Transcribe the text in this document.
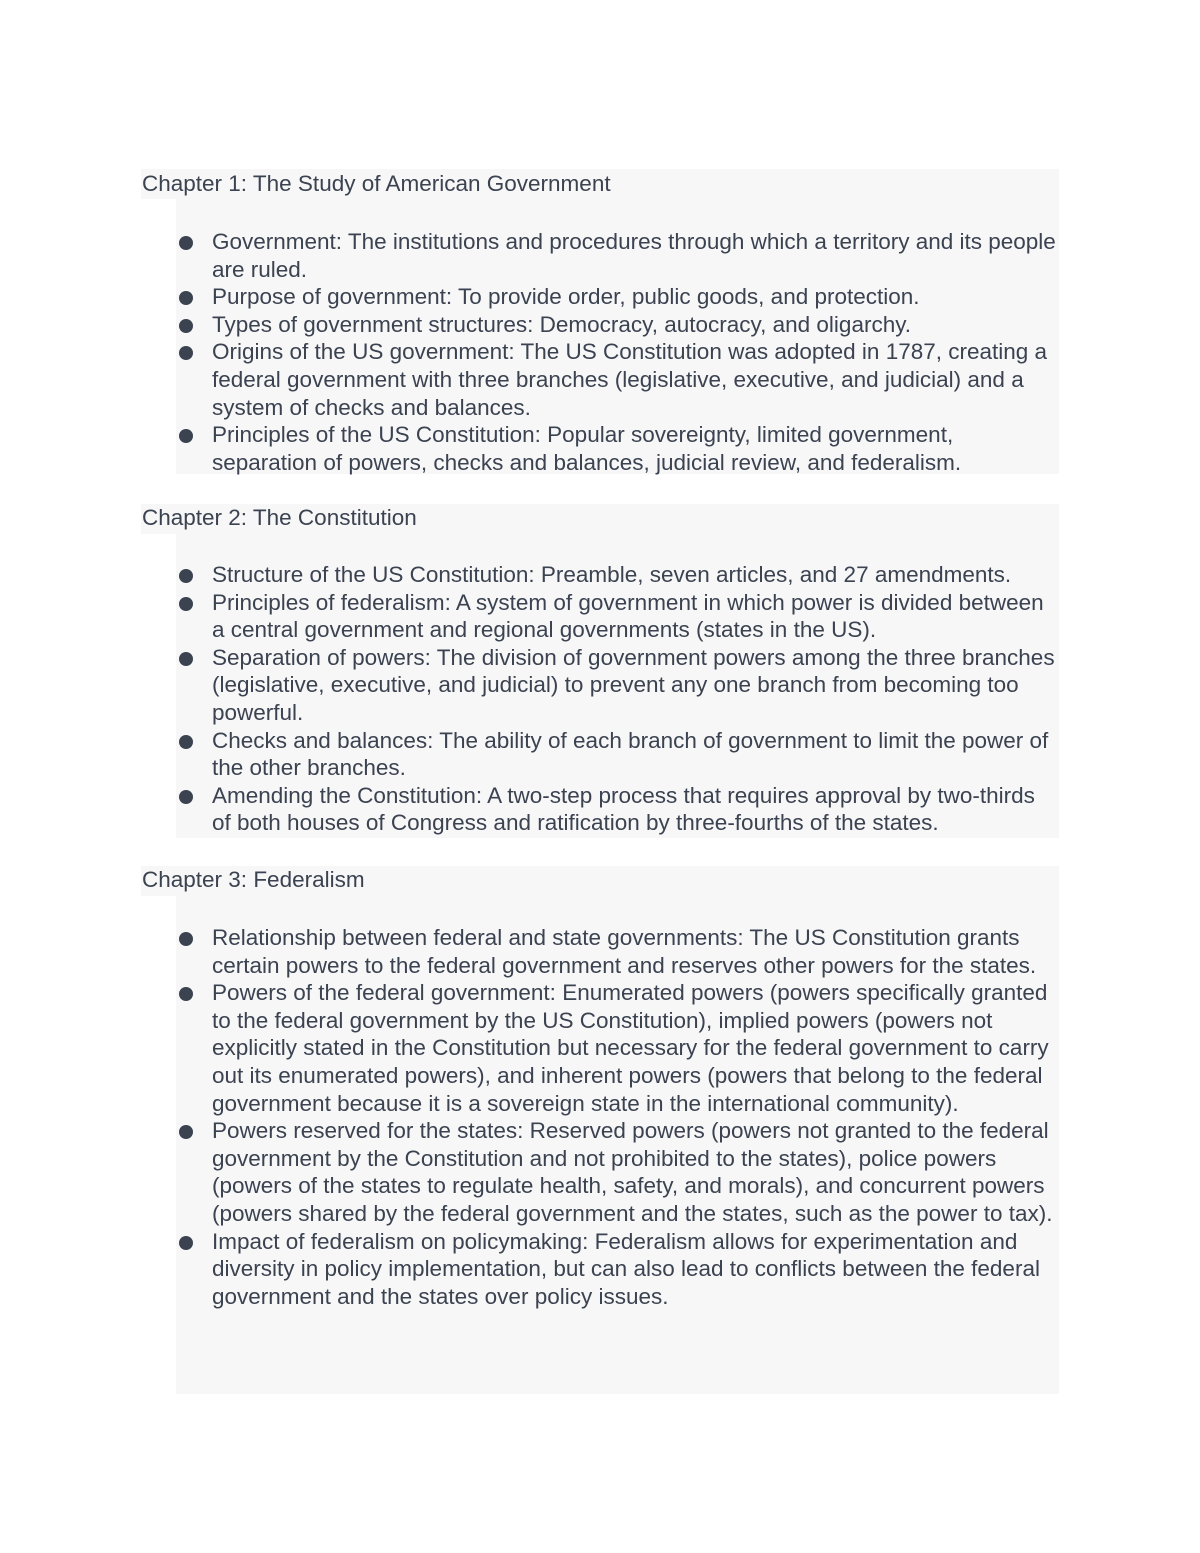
Chapter 1: The Study of American Government
Government: The institutions and procedures through which a territory and its people are ruled.
Purpose of government: To provide order, public goods, and protection.
Types of government structures: Democracy, autocracy, and oligarchy.
Origins of the US government: The US Constitution was adopted in 1787, creating a federal government with three branches (legislative, executive, and judicial) and a system of checks and balances.
Principles of the US Constitution: Popular sovereignty, limited government, separation of powers, checks and balances, judicial review, and federalism.
Chapter 2: The Constitution
Structure of the US Constitution: Preamble, seven articles, and 27 amendments.
Principles of federalism: A system of government in which power is divided between a central government and regional governments (states in the US).
Separation of powers: The division of government powers among the three branches (legislative, executive, and judicial) to prevent any one branch from becoming too powerful.
Checks and balances: The ability of each branch of government to limit the power of the other branches.
Amending the Constitution: A two-step process that requires approval by two-thirds of both houses of Congress and ratification by three-fourths of the states.
Chapter 3: Federalism
Relationship between federal and state governments: The US Constitution grants certain powers to the federal government and reserves other powers for the states.
Powers of the federal government: Enumerated powers (powers specifically granted to the federal government by the US Constitution), implied powers (powers not explicitly stated in the Constitution but necessary for the federal government to carry out its enumerated powers), and inherent powers (powers that belong to the federal government because it is a sovereign state in the international community).
Powers reserved for the states: Reserved powers (powers not granted to the federal government by the Constitution and not prohibited to the states), police powers (powers of the states to regulate health, safety, and morals), and concurrent powers (powers shared by the federal government and the states, such as the power to tax).
Impact of federalism on policymaking: Federalism allows for experimentation and diversity in policy implementation, but can also lead to conflicts between the federal government and the states over policy issues.
